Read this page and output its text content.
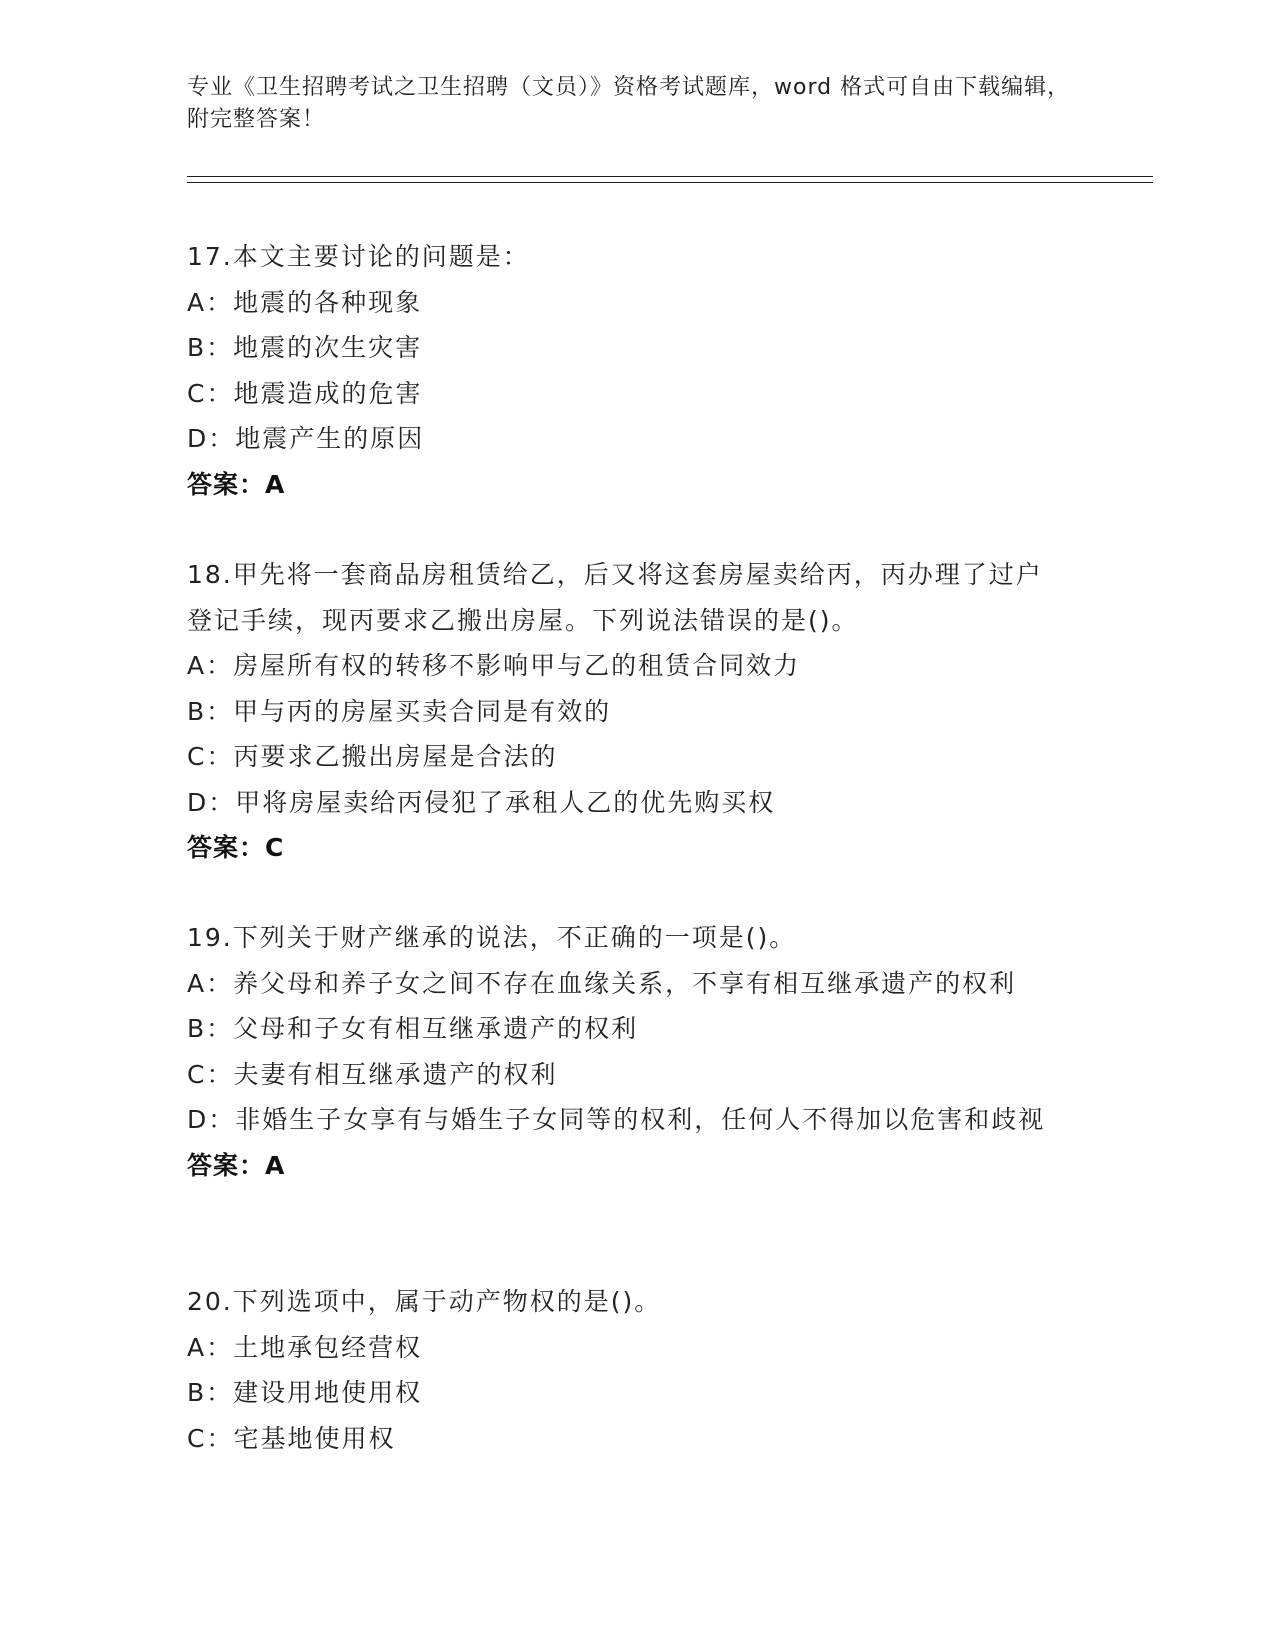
专业《卫生招聘考试之卫生招聘（文员）》资格考试题库，word 格式可自由下载编辑，附完整答案！
17.本文主要讨论的问题是：
A：地震的各种现象
B：地震的次生灾害
C：地震造成的危害
D：地震产生的原因
答案：A
18.甲先将一套商品房租赁给乙，后又将这套房屋卖给丙，丙办理了过户登记手续，现丙要求乙搬出房屋。下列说法错误的是()。
A：房屋所有权的转移不影响甲与乙的租赁合同效力
B：甲与丙的房屋买卖合同是有效的
C：丙要求乙搬出房屋是合法的
D：甲将房屋卖给丙侵犯了承租人乙的优先购买权
答案：C
19.下列关于财产继承的说法，不正确的一项是()。
A：养父母和养子女之间不存在血缘关系，不享有相互继承遗产的权利
B：父母和子女有相互继承遗产的权利
C：夫妻有相互继承遗产的权利
D：非婚生子女享有与婚生子女同等的权利，任何人不得加以危害和歧视
答案：A
20.下列选项中，属于动产物权的是()。
A：土地承包经营权
B：建设用地使用权
C：宅基地使用权
